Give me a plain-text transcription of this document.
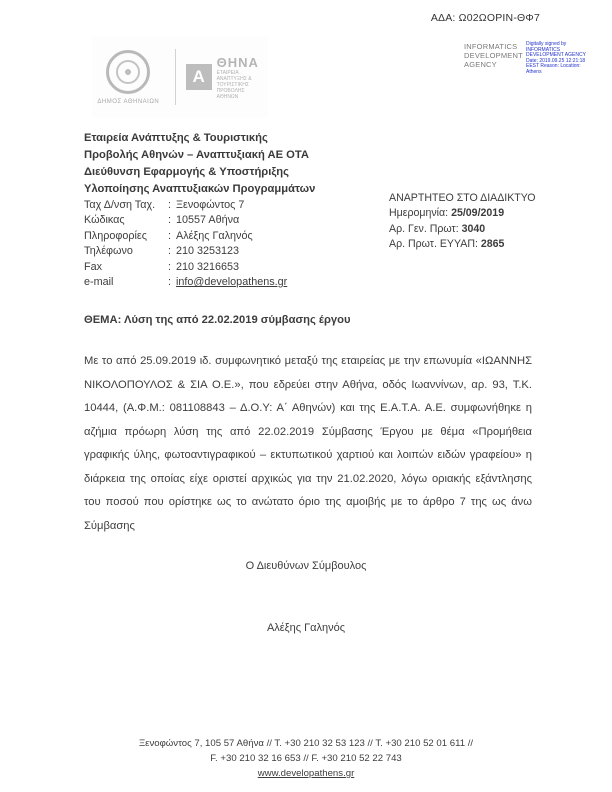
ΑΔΑ: Ω02ΩΟΡΙΝ-ΘΦ7
ΔΗΜΟΣ ΑΘΗΝΑΙΩΝ
Α
ΘΗΝΑ
ΕΤΑΙΡΕΙΑ ΑΝΑΠΤΥΞΗΣ & ΤΟΥΡΙΣΤΙΚΗΣ ΠΡΟΒΟΛΗΣ ΑΘΗΝΩΝ
INFORMATICS DEVELOPMENT AGENCY
Digitally signed by INFORMATICS DEVELOPMENT AGENCY Date: 2019.09.25 12:21:18 EEST Reason: Location: Athens
Εταιρεία Ανάπτυξης & Τουριστικής
Προβολής Αθηνών – Αναπτυξιακή ΑΕ ΟΤΑ
Διεύθυνση Εφαρμογής & Υποστήριξης
Υλοποίησης Αναπτυξιακών Προγραμμάτων
Ταχ Δ/νση Ταχ.	: Ξενοφώντος 7
Κώδικας	: 10557 Αθήνα
Πληροφορίες	: Αλέξης Γαληνός
Τηλέφωνο	: 210 3253123
Fax	: 210 3216653
e-mail	: info@developathens.gr
ΑΝΑΡΤΗΤΕΟ ΣΤΟ ΔΙΑΔΙΚΤΥΟ
Ημερομηνία: 25/09/2019
Αρ. Γεν. Πρωτ: 3040
Αρ. Πρωτ. ΕΥΥΑΠ: 2865
ΘΕΜΑ: Λύση της από 22.02.2019 σύμβασης έργου
Με το από 25.09.2019 ιδ. συμφωνητικό μεταξύ της εταιρείας με την επωνυμία «ΙΩΑΝΝΗΣ ΝΙΚΟΛΟΠΟΥΛΟΣ & ΣΙΑ Ο.Ε.», που εδρεύει στην Αθήνα, οδός Ιωαννίνων, αρ. 93, Τ.Κ. 10444, (Α.Φ.Μ.: 081108843 – Δ.Ο.Υ: Α΄ Αθηνών) και της Ε.Α.Τ.Α. Α.Ε. συμφωνήθηκε η αζήμια πρόωρη λύση της από 22.02.2019 Σύμβασης Έργου με θέμα «Προμήθεια γραφικής ύλης, φωτοαντιγραφικού – εκτυπωτικού χαρτιού και λοιπών ειδών γραφείου» η διάρκεια της οποίας είχε οριστεί αρχικώς για την 21.02.2020, λόγω οριακής εξάντλησης του ποσού που ορίστηκε ως το ανώτατο όριο της αμοιβής με το άρθρο 7 της ως άνω Σύμβασης
Ο Διευθύνων Σύμβουλος
Αλέξης Γαληνός
Ξενοφώντος 7, 105 57 Αθήνα // Τ. +30 210 32 53 123 // Τ. +30 210 52 01 611 //
F. +30 210 32 16 653 // F. +30 210 52 22 743
www.developathens.gr
